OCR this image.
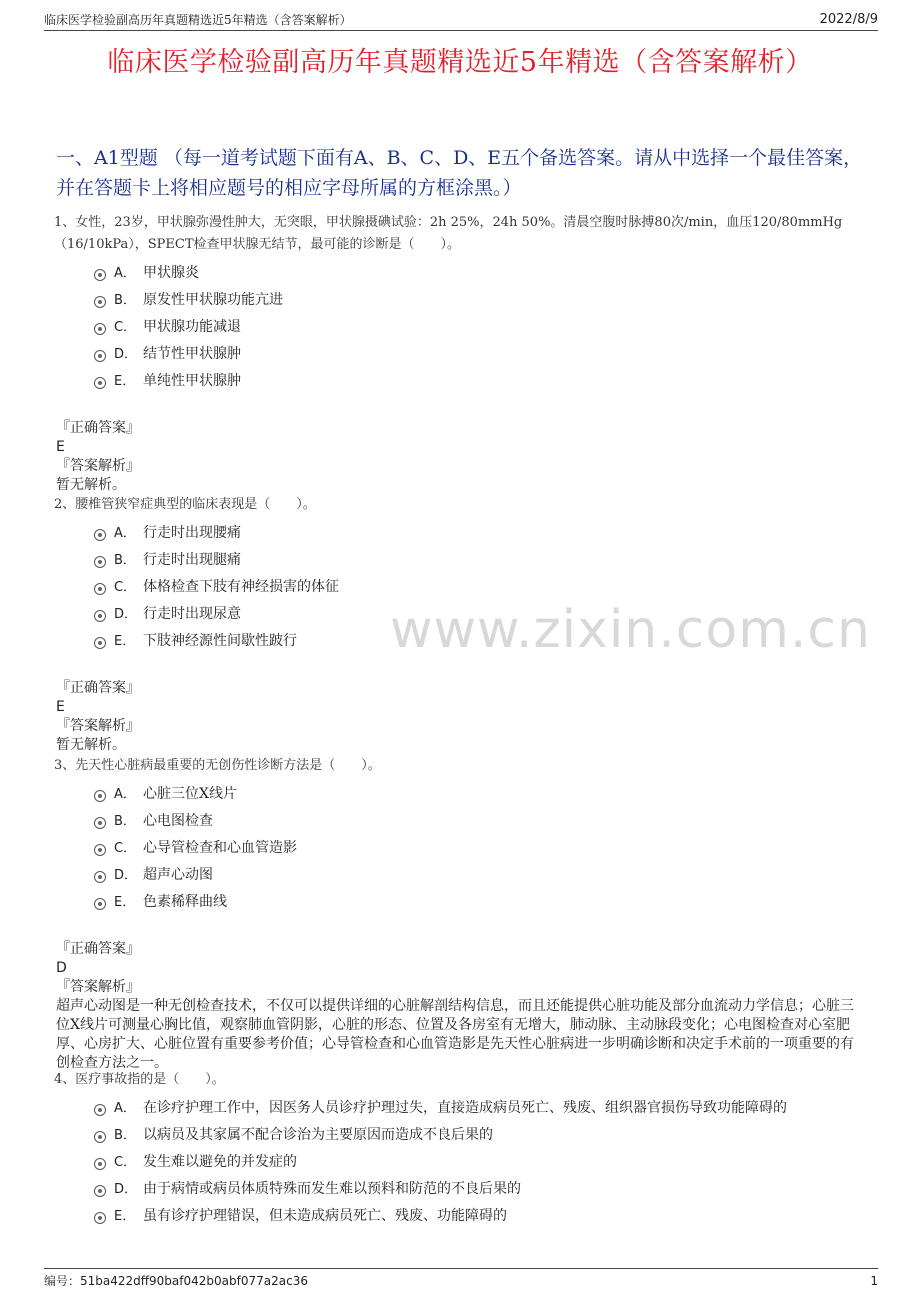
临床医学检验副高历年真题精选近5年精选（含答案解析）	2022/8/9
临床医学检验副高历年真题精选近5年精选（含答案解析）
一、A1型题 （每一道考试题下面有A、B、C、D、E五个备选答案。请从中选择一个最佳答案，并在答题卡上将相应题号的相应字母所属的方框涂黑。）
www.zixin.com.cn
1、女性，23岁，甲状腺弥漫性肿大，无突眼，甲状腺摄碘试验：2h 25%，24h 50%。清晨空腹时脉搏80次/min，血压120/80mmHg（16/10kPa），SPECT检查甲状腺无结节，最可能的诊断是（　　）。
A． 甲状腺炎
B． 原发性甲状腺功能亢进
C． 甲状腺功能减退
D． 结节性甲状腺肿
E． 单纯性甲状腺肿
『正确答案』
E
『答案解析』
暂无解析。
2、腰椎管狭窄症典型的临床表现是（　　）。
A． 行走时出现腰痛
B． 行走时出现腿痛
C． 体格检查下肢有神经损害的体征
D． 行走时出现尿意
E． 下肢神经源性间歇性跛行
『正确答案』
E
『答案解析』
暂无解析。
3、先天性心脏病最重要的无创伤性诊断方法是（　　）。
A． 心脏三位X线片
B． 心电图检查
C． 心导管检查和心血管造影
D． 超声心动图
E． 色素稀释曲线
『正确答案』
D
『答案解析』
超声心动图是一种无创检查技术，不仅可以提供详细的心脏解剖结构信息，而且还能提供心脏功能及部分血流动力学信息；心脏三位X线片可测量心胸比值，观察肺血管阴影，心脏的形态、位置及各房室有无增大，肺动脉、主动脉段变化；心电图检查对心室肥厚、心房扩大、心脏位置有重要参考价值；心导管检查和心血管造影是先天性心脏病进一步明确诊断和决定手术前的一项重要的有创检查方法之一。
4、医疗事故指的是（　　）。
A． 在诊疗护理工作中，因医务人员诊疗护理过失，直接造成病员死亡、残废、组织器官损伤导致功能障碍的
B． 以病员及其家属不配合诊治为主要原因而造成不良后果的
C． 发生难以避免的并发症的
D． 由于病情或病员体质特殊而发生难以预料和防范的不良后果的
E． 虽有诊疗护理错误，但未造成病员死亡、残废、功能障碍的
编号：51ba422dff90baf042b0abf077a2ac36	1
